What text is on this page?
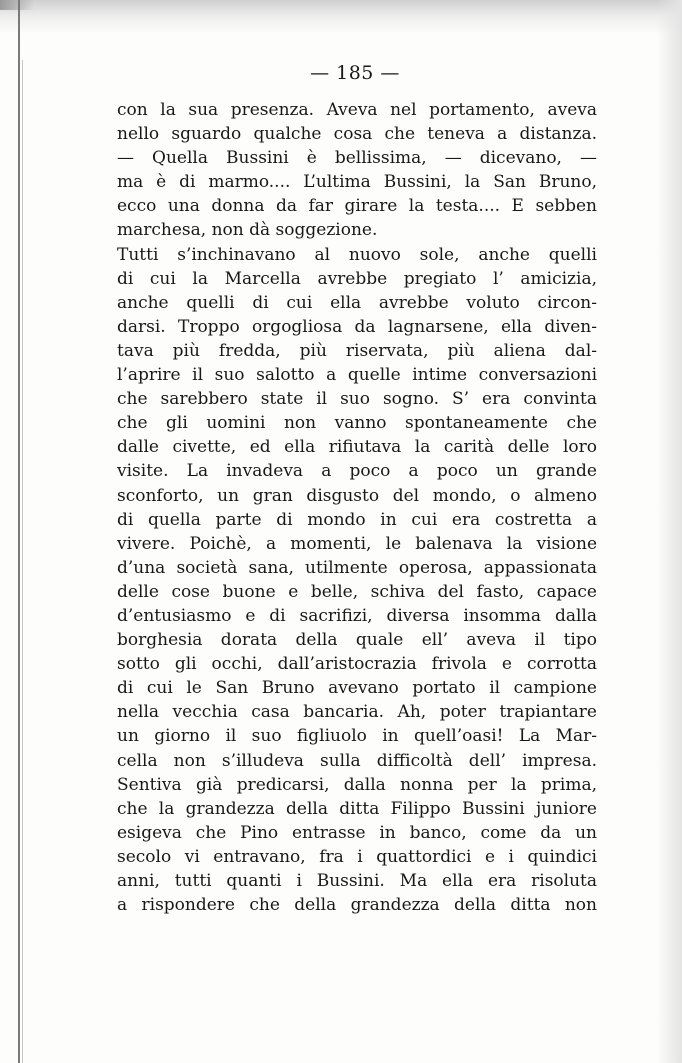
— 185 —
con la sua presenza. Aveva nel portamento, aveva
nello sguardo qualche cosa che teneva a distanza.
— Quella Bussini è bellissima, — dicevano, —
ma è di marmo.... L’ultima Bussini, la San Bruno,
ecco una donna da far girare la testa.... E sebben
marchesa, non dà soggezione.
Tutti s’inchinavano al nuovo sole, anche quelli
di cui la Marcella avrebbe pregiato l’ amicizia,
anche quelli di cui ella avrebbe voluto circon-
darsi. Troppo orgogliosa da lagnarsene, ella diven-
tava più fredda, più riservata, più aliena dal-
l’aprire il suo salotto a quelle intime conversazioni
che sarebbero state il suo sogno. S’ era convinta
che gli uomini non vanno spontaneamente che
dalle civette, ed ella rifiutava la carità delle loro
visite. La invadeva a poco a poco un grande
sconforto, un gran disgusto del mondo, o almeno
di quella parte di mondo in cui era costretta a
vivere. Poichè, a momenti, le balenava la visione
d’una società sana, utilmente operosa, appassionata
delle cose buone e belle, schiva del fasto, capace
d’entusiasmo e di sacrifizi, diversa insomma dalla
borghesia dorata della quale ell’ aveva il tipo
sotto gli occhi, dall’aristocrazia frivola e corrotta
di cui le San Bruno avevano portato il campione
nella vecchia casa bancaria. Ah, poter trapiantare
un giorno il suo figliuolo in quell’oasi! La Mar-
cella non s’illudeva sulla difficoltà dell’ impresa.
Sentiva già predicarsi, dalla nonna per la prima,
che la grandezza della ditta Filippo Bussini juniore
esigeva che Pino entrasse in banco, come da un
secolo vi entravano, fra i quattordici e i quindici
anni, tutti quanti i Bussini. Ma ella era risoluta
a rispondere che della grandezza della ditta non
